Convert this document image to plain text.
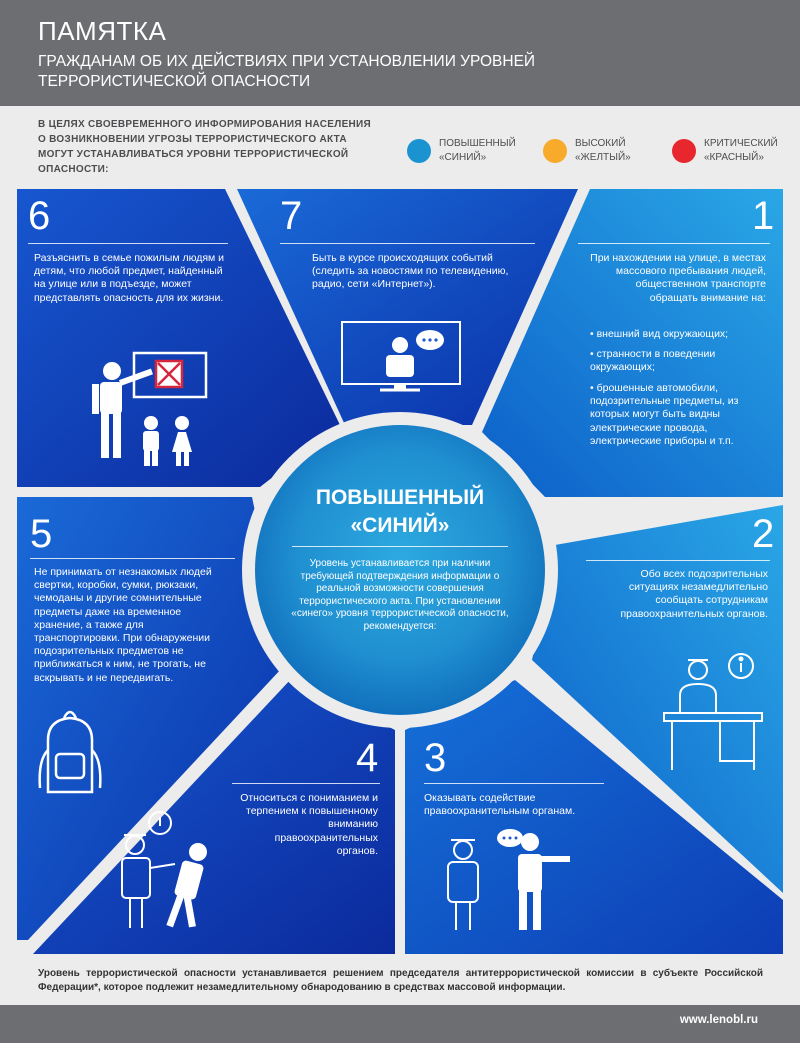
ПАМЯТКА
ГРАЖДАНАМ ОБ ИХ ДЕЙСТВИЯХ ПРИ УСТАНОВЛЕНИИ УРОВНЕЙ ТЕРРОРИСТИЧЕСКОЙ ОПАСНОСТИ
В ЦЕЛЯХ СВОЕВРЕМЕННОГО ИНФОРМИРОВАНИЯ НАСЕЛЕНИЯ О ВОЗНИКНОВЕНИИ УГРОЗЫ ТЕРРОРИСТИЧЕСКОГО АКТА МОГУТ УСТАНАВЛИВАТЬСЯ УРОВНИ ТЕРРОРИСТИЧЕСКОЙ ОПАСНОСТИ:
ПОВЫШЕННЫЙ
«СИНИЙ»
ВЫСОКИЙ
«ЖЕЛТЫЙ»
КРИТИЧЕСКИЙ
«КРАСНЫЙ»
6
Разъяснить в семье пожилым людям и детям, что любой предмет, найденный на улице или в подъезде, может представлять опасность для их жизни.
7
Быть в курсе происходящих событий (следить за новостями по телевидению, радио, сети «Интернет»).
1
При нахождении на улице, в местах массового пребывания людей, общественном транспорте обращать внимание на:
• внешний вид окружающих;
• странности в поведении окружающих;
• брошенные автомобили, подозрительные предметы, из которых могут быть видны электрические провода, электрические приборы и т.п.
2
Обо всех подозрительных ситуациях незамедлительно сообщать сотрудникам правоохранительных органов.
3
Оказывать содействие правоохранительным органам.
4
Относиться с пониманием и терпением к повышенному вниманию правоохранительных органов.
5
Не принимать от незнакомых людей свертки, коробки, сумки, рюкзаки, чемоданы и другие сомнительные предметы даже на временное хранение, а также для транспортировки. При обнаружении подозрительных предметов не приближаться к ним, не трогать, не вскрывать и не передвигать.
ПОВЫШЕННЫЙ
«СИНИЙ»
Уровень устанавливается при наличии требующей подтверждения информации о реальной возможности совершения террористического акта. При установлении «синего» уровня террористической опасности, рекомендуется:
Уровень террористической опасности устанавливается решением председателя антитеррористической комиссии в субъекте Российской Федерации*, которое подлежит незамедлительному обнародованию в средствах массовой информации.
www.lenobl.ru
